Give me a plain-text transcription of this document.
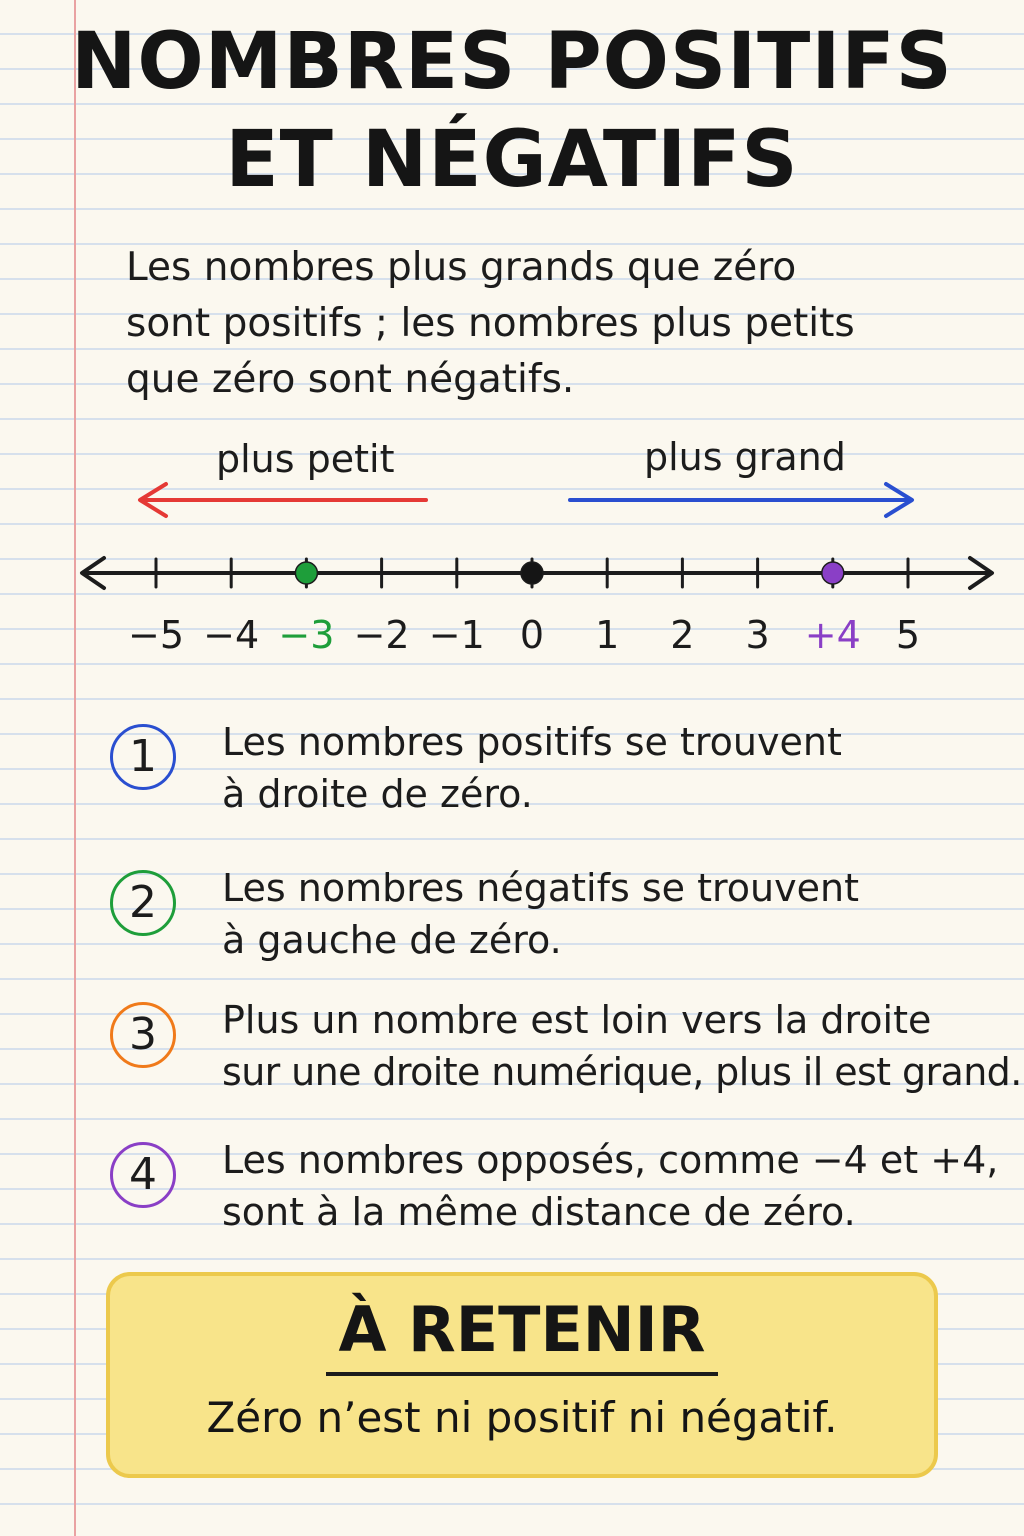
NOMBRES POSITIFS
ET NÉGATIFS
Les nombres plus grands que zéro
sont positifs ; les nombres plus petits
que zéro sont négatifs.
plus petit	plus grand
−5 −4 −3 −2 −1 0 1 2 3 +4 5
1	Les nombres positifs se trouvent
à droite de zéro.
2	Les nombres négatifs se trouvent
à gauche de zéro.
3	Plus un nombre est loin vers la droite
sur une droite numérique, plus il est grand.
4	Les nombres opposés, comme −4 et +4,
sont à la même distance de zéro.
À RETENIR
Zéro n’est ni positif ni négatif.
